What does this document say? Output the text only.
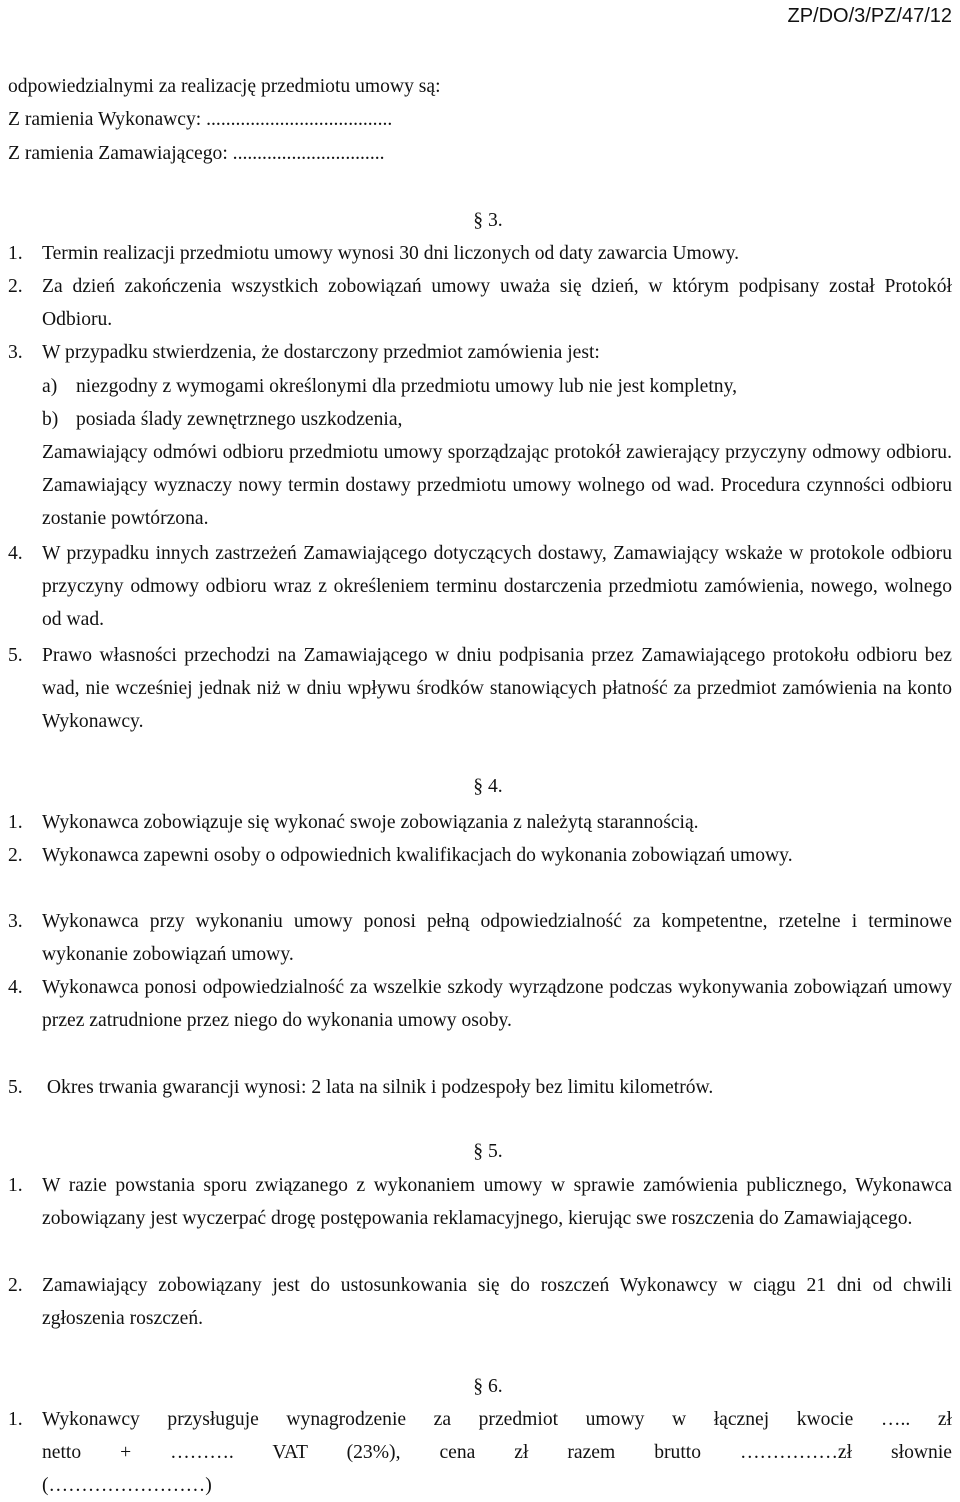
ZP/DO/3/PZ/47/12
odpowiedzialnymi za realizację przedmiotu umowy są:
Z ramienia Wykonawcy: ......................................
Z ramienia Zamawiającego: ...............................
§ 3.
1. Termin realizacji przedmiotu umowy wynosi 30 dni liczonych od daty zawarcia Umowy.
2. Za dzień zakończenia wszystkich zobowiązań umowy uważa się dzień, w którym podpisany został Protokół Odbioru.
3. W przypadku stwierdzenia, że dostarczony przedmiot zamówienia jest:
a) niezgodny z wymogami określonymi dla przedmiotu umowy lub nie jest kompletny,
b) posiada ślady zewnętrznego uszkodzenia,
Zamawiający odmówi odbioru przedmiotu umowy sporządzając protokół zawierający przyczyny odmowy odbioru. Zamawiający wyznaczy nowy termin dostawy przedmiotu umowy wolnego od wad. Procedura czynności odbioru zostanie powtórzona.
4. W przypadku innych zastrzeżeń Zamawiającego dotyczących dostawy, Zamawiający wskaże w protokole odbioru przyczyny odmowy odbioru wraz z określeniem terminu dostarczenia przedmiotu zamówienia, nowego, wolnego od wad.
5. Prawo własności przechodzi na Zamawiającego w dniu podpisania przez Zamawiającego protokołu odbioru bez wad, nie wcześniej jednak niż w dniu wpływu środków stanowiących płatność za przedmiot zamówienia na konto Wykonawcy.
§ 4.
1. Wykonawca zobowiązuje się wykonać swoje zobowiązania z należytą starannością.
2. Wykonawca zapewni osoby o odpowiednich kwalifikacjach do wykonania zobowiązań umowy.
3. Wykonawca przy wykonaniu umowy ponosi pełną odpowiedzialność za kompetentne, rzetelne i terminowe wykonanie zobowiązań umowy.
4. Wykonawca ponosi odpowiedzialność za wszelkie szkody wyrządzone podczas wykonywania zobowiązań umowy przez zatrudnione przez niego do wykonania umowy osoby.
5. Okres trwania gwarancji wynosi: 2 lata na silnik i podzespoły bez limitu kilometrów.
§ 5.
1. W razie powstania sporu związanego z wykonaniem umowy w sprawie zamówienia publicznego, Wykonawca zobowiązany jest wyczerpać drogę postępowania reklamacyjnego, kierując swe roszczenia do Zamawiającego.
2. Zamawiający zobowiązany jest do ustosunkowania się do roszczeń Wykonawcy w ciągu 21 dni od chwili zgłoszenia roszczeń.
§ 6.
1. Wykonawcy przysługuje wynagrodzenie za przedmiot umowy w łącznej kwocie ….. zł
netto + ………. VAT (23%), cena zł razem brutto ……………zł słownie
(……………………)
